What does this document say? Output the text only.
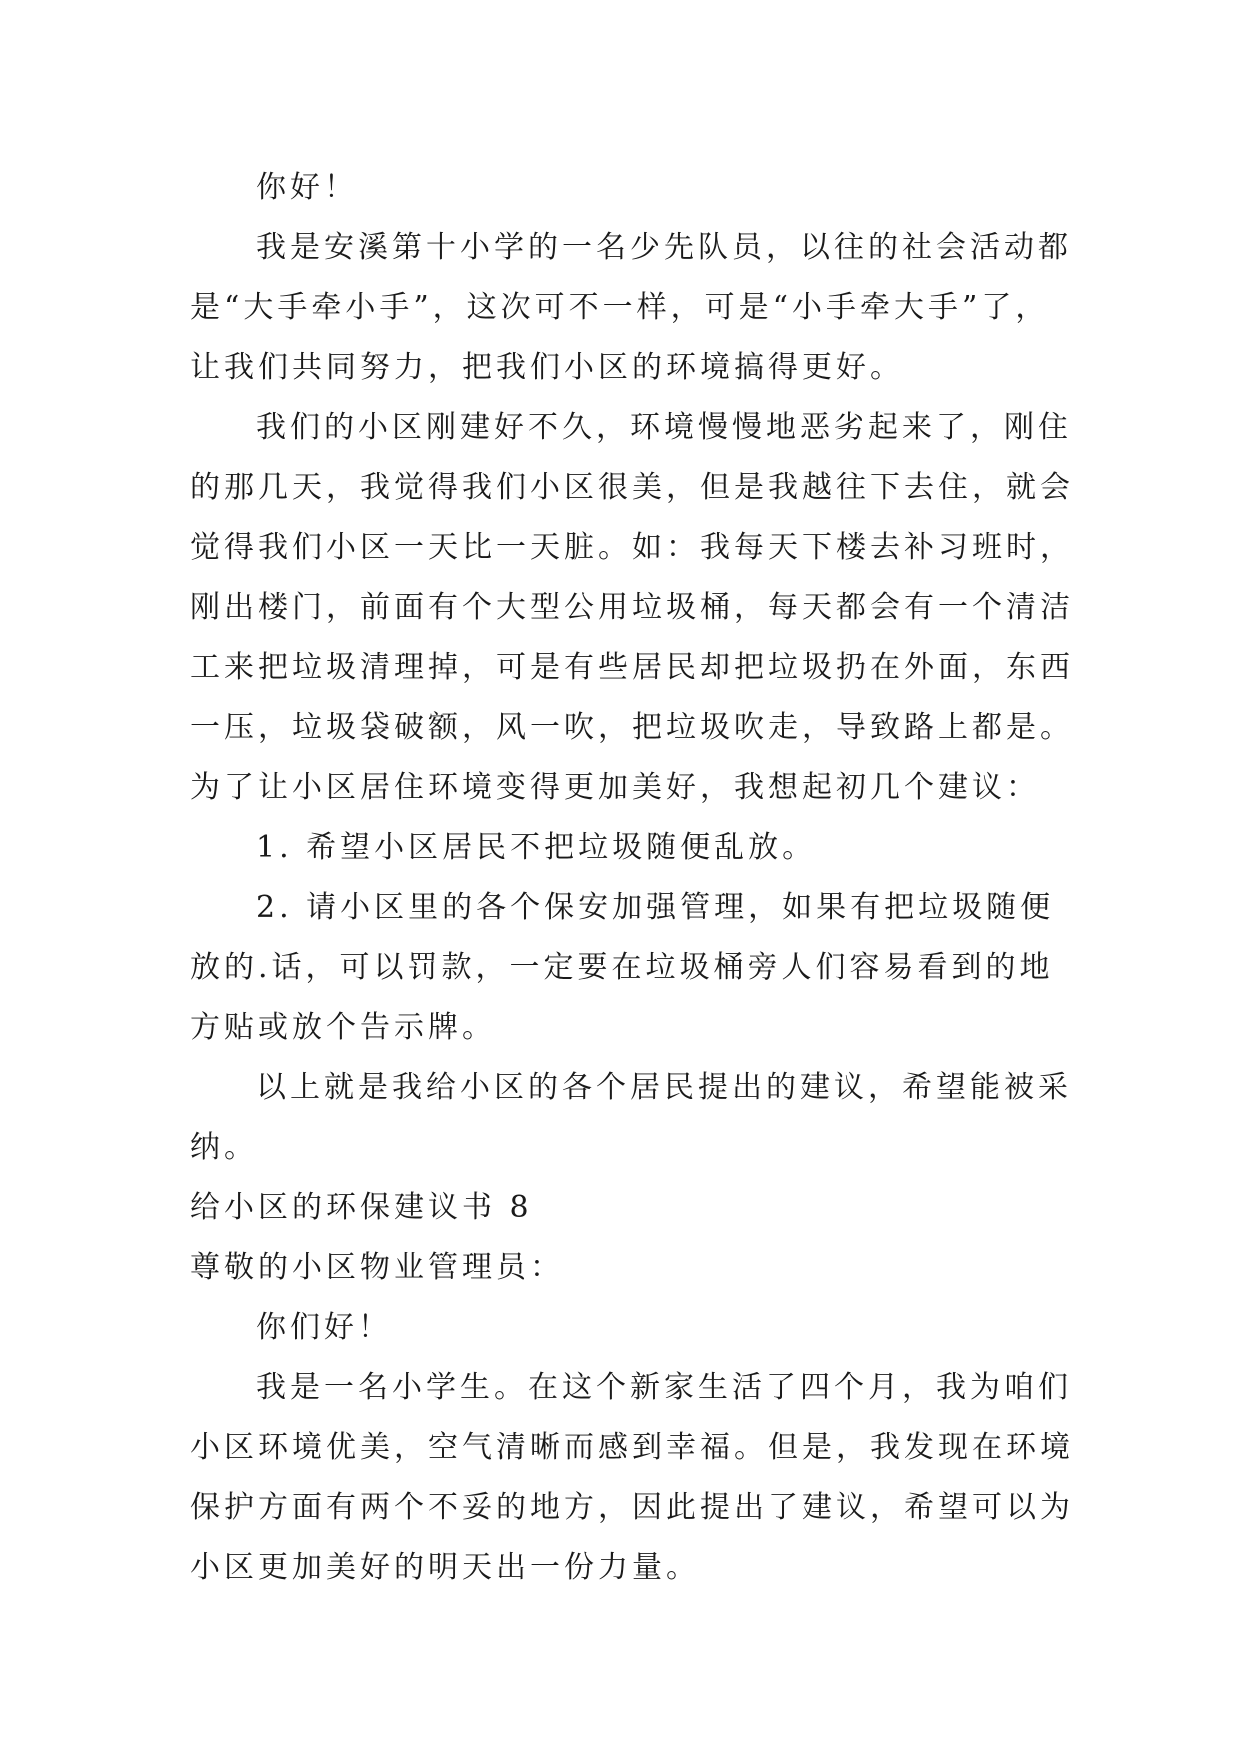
你好！
我是安溪第十小学的一名少先队员，以往的社会活动都
是“大手牵小手”，这次可不一样，可是“小手牵大手”了，
让我们共同努力，把我们小区的环境搞得更好。
我们的小区刚建好不久，环境慢慢地恶劣起来了，刚住
的那几天，我觉得我们小区很美，但是我越往下去住，就会
觉得我们小区一天比一天脏。如：我每天下楼去补习班时，
刚出楼门，前面有个大型公用垃圾桶，每天都会有一个清洁
工来把垃圾清理掉，可是有些居民却把垃圾扔在外面，东西
一压，垃圾袋破额，风一吹，把垃圾吹走，导致路上都是。
为了让小区居住环境变得更加美好，我想起初几个建议：
1. 希望小区居民不把垃圾随便乱放。
2. 请小区里的各个保安加强管理，如果有把垃圾随便
放的.话，可以罚款，一定要在垃圾桶旁人们容易看到的地
方贴或放个告示牌。
以上就是我给小区的各个居民提出的建议，希望能被采
纳。
给小区的环保建议书 8
尊敬的小区物业管理员：
你们好！
我是一名小学生。在这个新家生活了四个月，我为咱们
小区环境优美，空气清晰而感到幸福。但是，我发现在环境
保护方面有两个不妥的地方，因此提出了建议，希望可以为
小区更加美好的明天出一份力量。
